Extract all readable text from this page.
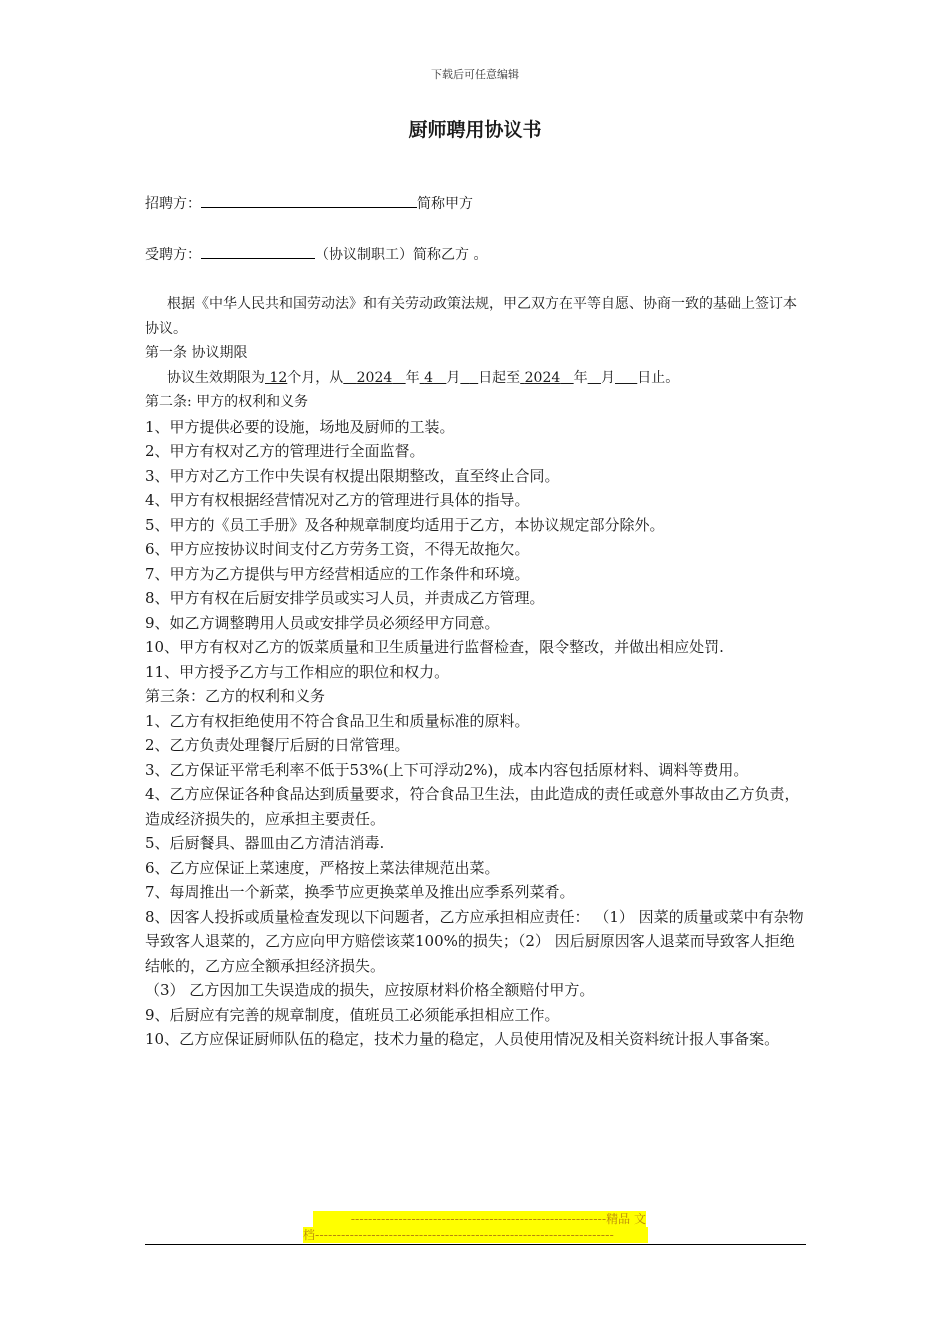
下载后可任意编辑
厨师聘用协议书
招聘方：	简称甲方
受聘方：	（协议制职工）简称乙方 。

根据《中华人民共和国劳动法》和有关劳动政策法规，甲乙双方在平等自愿、协商一致的基础上签订本协议。

第一条 协议期限

协议生效期限为 12个月，从 2024 年 4 月 日起至 2024 年 月 日止。

第二条: 甲方的权利和义务

1、甲方提供必要的设施，场地及厨师的工装。

2、甲方有权对乙方的管理进行全面监督。

3、甲方对乙方工作中失误有权提出限期整改，直至终止合同。

4、甲方有权根据经营情况对乙方的管理进行具体的指导。

5、甲方的《员工手册》及各种规章制度均适用于乙方，本协议规定部分除外。

6、甲方应按协议时间支付乙方劳务工资，不得无故拖欠。

7、甲方为乙方提供与甲方经营相适应的工作条件和环境。

8、甲方有权在后厨安排学员或实习人员，并责成乙方管理。

9、如乙方调整聘用人员或安排学员必须经甲方同意。

10、甲方有权对乙方的饭菜质量和卫生质量进行监督检查，限令整改，并做出相应处罚.

11、甲方授予乙方与工作相应的职位和权力。

第三条：乙方的权利和义务

1、乙方有权拒绝使用不符合食品卫生和质量标准的原料。

2、乙方负责处理餐厅后厨的日常管理。

3、乙方保证平常毛利率不低于53%(上下可浮动2%)，成本内容包括原材料、调料等费用。

4、乙方应保证各种食品达到质量要求，符合食品卫生法，由此造成的责任或意外事故由乙方负责，造成经济损失的，应承担主要责任。

5、后厨餐具、器皿由乙方清洁消毒.

6、乙方应保证上菜速度，严格按上菜法律规范出菜。

7、每周推出一个新菜，换季节应更换菜单及推出应季系列菜肴。

8、因客人投拆或质量检查发现以下问题者，乙方应承担相应责任： （1） 因菜的质量或菜中有杂物导致客人退菜的，乙方应向甲方赔偿该菜100%的损失；（2） 因后厨原因客人退菜而导致客人拒绝结帐的，乙方应全额承担经济损失。

（3） 乙方因加工失误造成的损失，应按原材料价格全额赔付甲方。

9、后厨应有完善的规章制度，值班员工必须能承担相应工作。

10、乙方应保证厨师队伍的稳定，技术力量的稳定，人员使用情况及相关资料统计报人事备案。

-----------------------------------------------------------精品 文
档---------------------------------------------------------------------
